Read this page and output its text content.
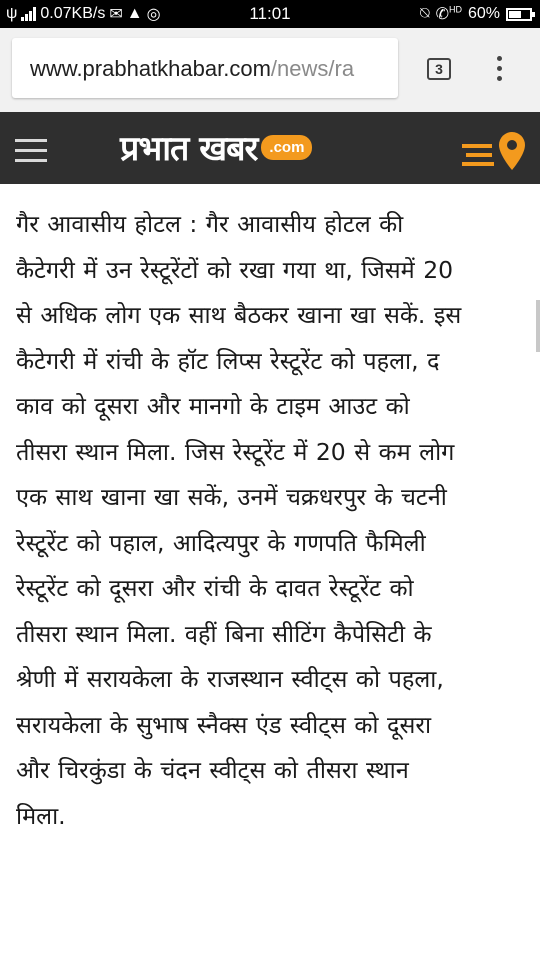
ψ 0.07KB/s ✉ ▲ ◎	11:01	⍉ ✆$^{HD}$ 60%
www.prabhatkhabar.com/news/ra	3
प्रभात खबर .com
गैर आवासीय होटल : गैर आवासीय होटल की
कैटेगरी में उन रेस्टूरेंटों को रखा गया था, जिसमें 20
से अधिक लोग एक साथ बैठकर खाना खा सकें. इस
कैटेगरी में रांची के हॉट लिप्स रेस्टूरेंट को पहला, द
काव को दूसरा और मानगो के टाइम आउट को
तीसरा स्थान मिला. जिस रेस्टूरेंट में 20 से कम लोग
एक साथ खाना खा सकें, उनमें चक्रधरपुर के चटनी
रेस्टूरेंट को पहाल, आदित्यपुर के गणपति फैमिली
रेस्टूरेंट को दूसरा और रांची के दावत रेस्टूरेंट को
तीसरा स्थान मिला. वहीं बिना सीटिंग कैपेसिटी के
श्रेणी में सरायकेला के राजस्थान स्वीट्स को पहला,
सरायकेला के सुभाष स्नैक्स एंड स्वीट्स को दूसरा
और चिरकुंडा के चंदन स्वीट्स को तीसरा स्थान
मिला.
